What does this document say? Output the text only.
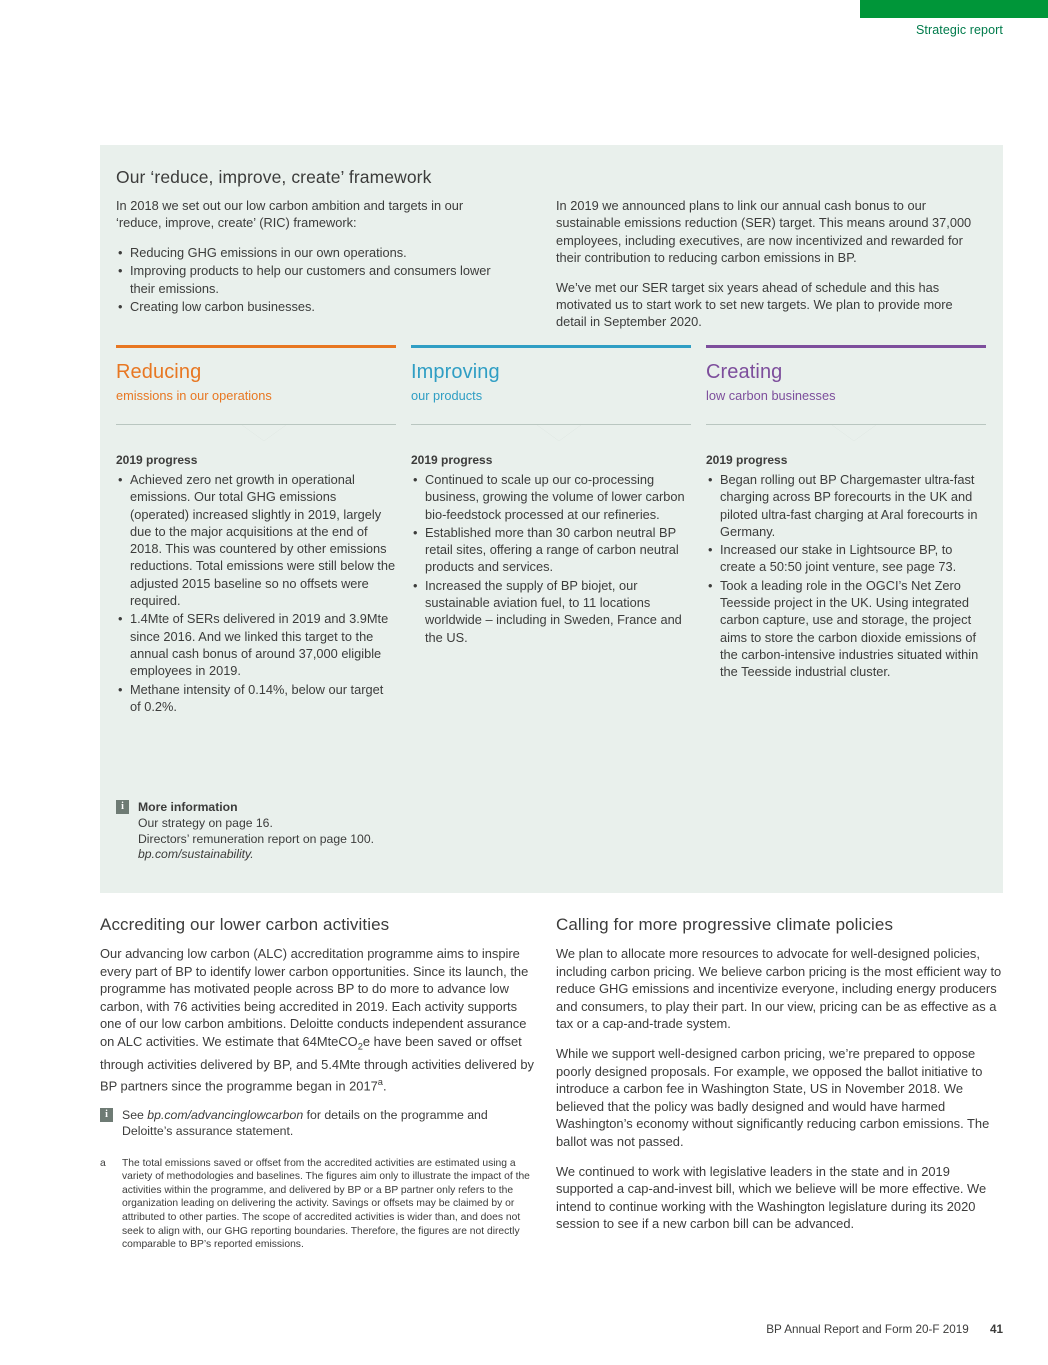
Strategic report
Our ‘reduce, improve, create’ framework
In 2018 we set out our low carbon ambition and targets in our ‘reduce, improve, create’ (RIC) framework:
• Reducing GHG emissions in our own operations.
• Improving products to help our customers and consumers lower their emissions.
• Creating low carbon businesses.

In 2019 we announced plans to link our annual cash bonus to our sustainable emissions reduction (SER) target. This means around 37,000 employees, including executives, are now incentivized and rewarded for their contribution to reducing carbon emissions in BP.

We’ve met our SER target six years ahead of schedule and this has motivated us to start work to set new targets. We plan to provide more detail in September 2020.

Reducing

emissions in our operations

2019 progress
• Achieved zero net growth in operational emissions. Our total GHG emissions (operated) increased slightly in 2019, largely due to the major acquisitions at the end of 2018. This was countered by other emissions reductions. Total emissions were still below the adjusted 2015 baseline so no offsets were required.
• 1.4Mte of SERs delivered in 2019 and 3.9Mte since 2016. And we linked this target to the annual cash bonus of around 37,000 eligible employees in 2019.
• Methane intensity of 0.14%, below our target of 0.2%.
Improving

our products

2019 progress
• Continued to scale up our co-processing business, growing the volume of lower carbon bio-feedstock processed at our refineries.
• Established more than 30 carbon neutral BP retail sites, offering a range of carbon neutral products and services.
• Increased the supply of BP biojet, our sustainable aviation fuel, to 11 locations worldwide – including in Sweden, France and the US.
Creating

low carbon businesses

2019 progress
• Began rolling out BP Chargemaster ultra-fast charging across BP forecourts in the UK and piloted ultra-fast charging at Aral forecourts in Germany.
• Increased our stake in Lightsource BP, to create a 50:50 joint venture, see page 73.
• Took a leading role in the OGCI’s Net Zero Teesside project in the UK. Using integrated carbon capture, use and storage, the project aims to store the carbon dioxide emissions of the carbon-intensive industries situated within the Teesside industrial cluster.
i More information
Our strategy on page 16.
Directors’ remuneration report on page 100.
bp.com/sustainability.
Accrediting our lower carbon activities

Our advancing low carbon (ALC) accreditation programme aims to inspire every part of BP to identify lower carbon opportunities. Since its launch, the programme has motivated people across BP to do more to advance low carbon, with 76 activities being accredited in 2019. Each activity supports one of our low carbon ambitions. Deloitte conducts independent assurance on ALC activities. We estimate that 64MteCO$_2$e have been saved or offset through activities delivered by BP, and 5.4Mte through activities delivered by BP partners since the programme began in 2017$^a$.

i	See bp.com/advancinglowcarbon for details on the programme and Deloitte’s assurance statement.
a The total emissions saved or offset from the accredited activities are estimated using a variety of methodologies and baselines. The figures aim only to illustrate the impact of the activities within the programme, and delivered by BP or a BP partner only refers to the organization leading on delivering the activity. Savings or offsets may be claimed by or attributed to other parties. The scope of accredited activities is wider than, and does not seek to align with, our GHG reporting boundaries. Therefore, the figures are not directly comparable to BP’s reported emissions.
Calling for more progressive climate policies

We plan to allocate more resources to advocate for well-designed policies, including carbon pricing. We believe carbon pricing is the most efficient way to reduce GHG emissions and incentivize everyone, including energy producers and consumers, to play their part. In our view, pricing can be as effective as a tax or a cap-and-trade system.

While we support well-designed carbon pricing, we’re prepared to oppose poorly designed proposals. For example, we opposed the ballot initiative to introduce a carbon fee in Washington State, US in November 2018. We believed that the policy was badly designed and would have harmed Washington’s economy without significantly reducing carbon emissions. The ballot was not passed.

We continued to work with legislative leaders in the state and in 2019 supported a cap-and-invest bill, which we believe will be more effective. We intend to continue working with the Washington legislature during its 2020 session to see if a new carbon bill can be advanced.

BP Annual Report and Form 20-F 2019 41
